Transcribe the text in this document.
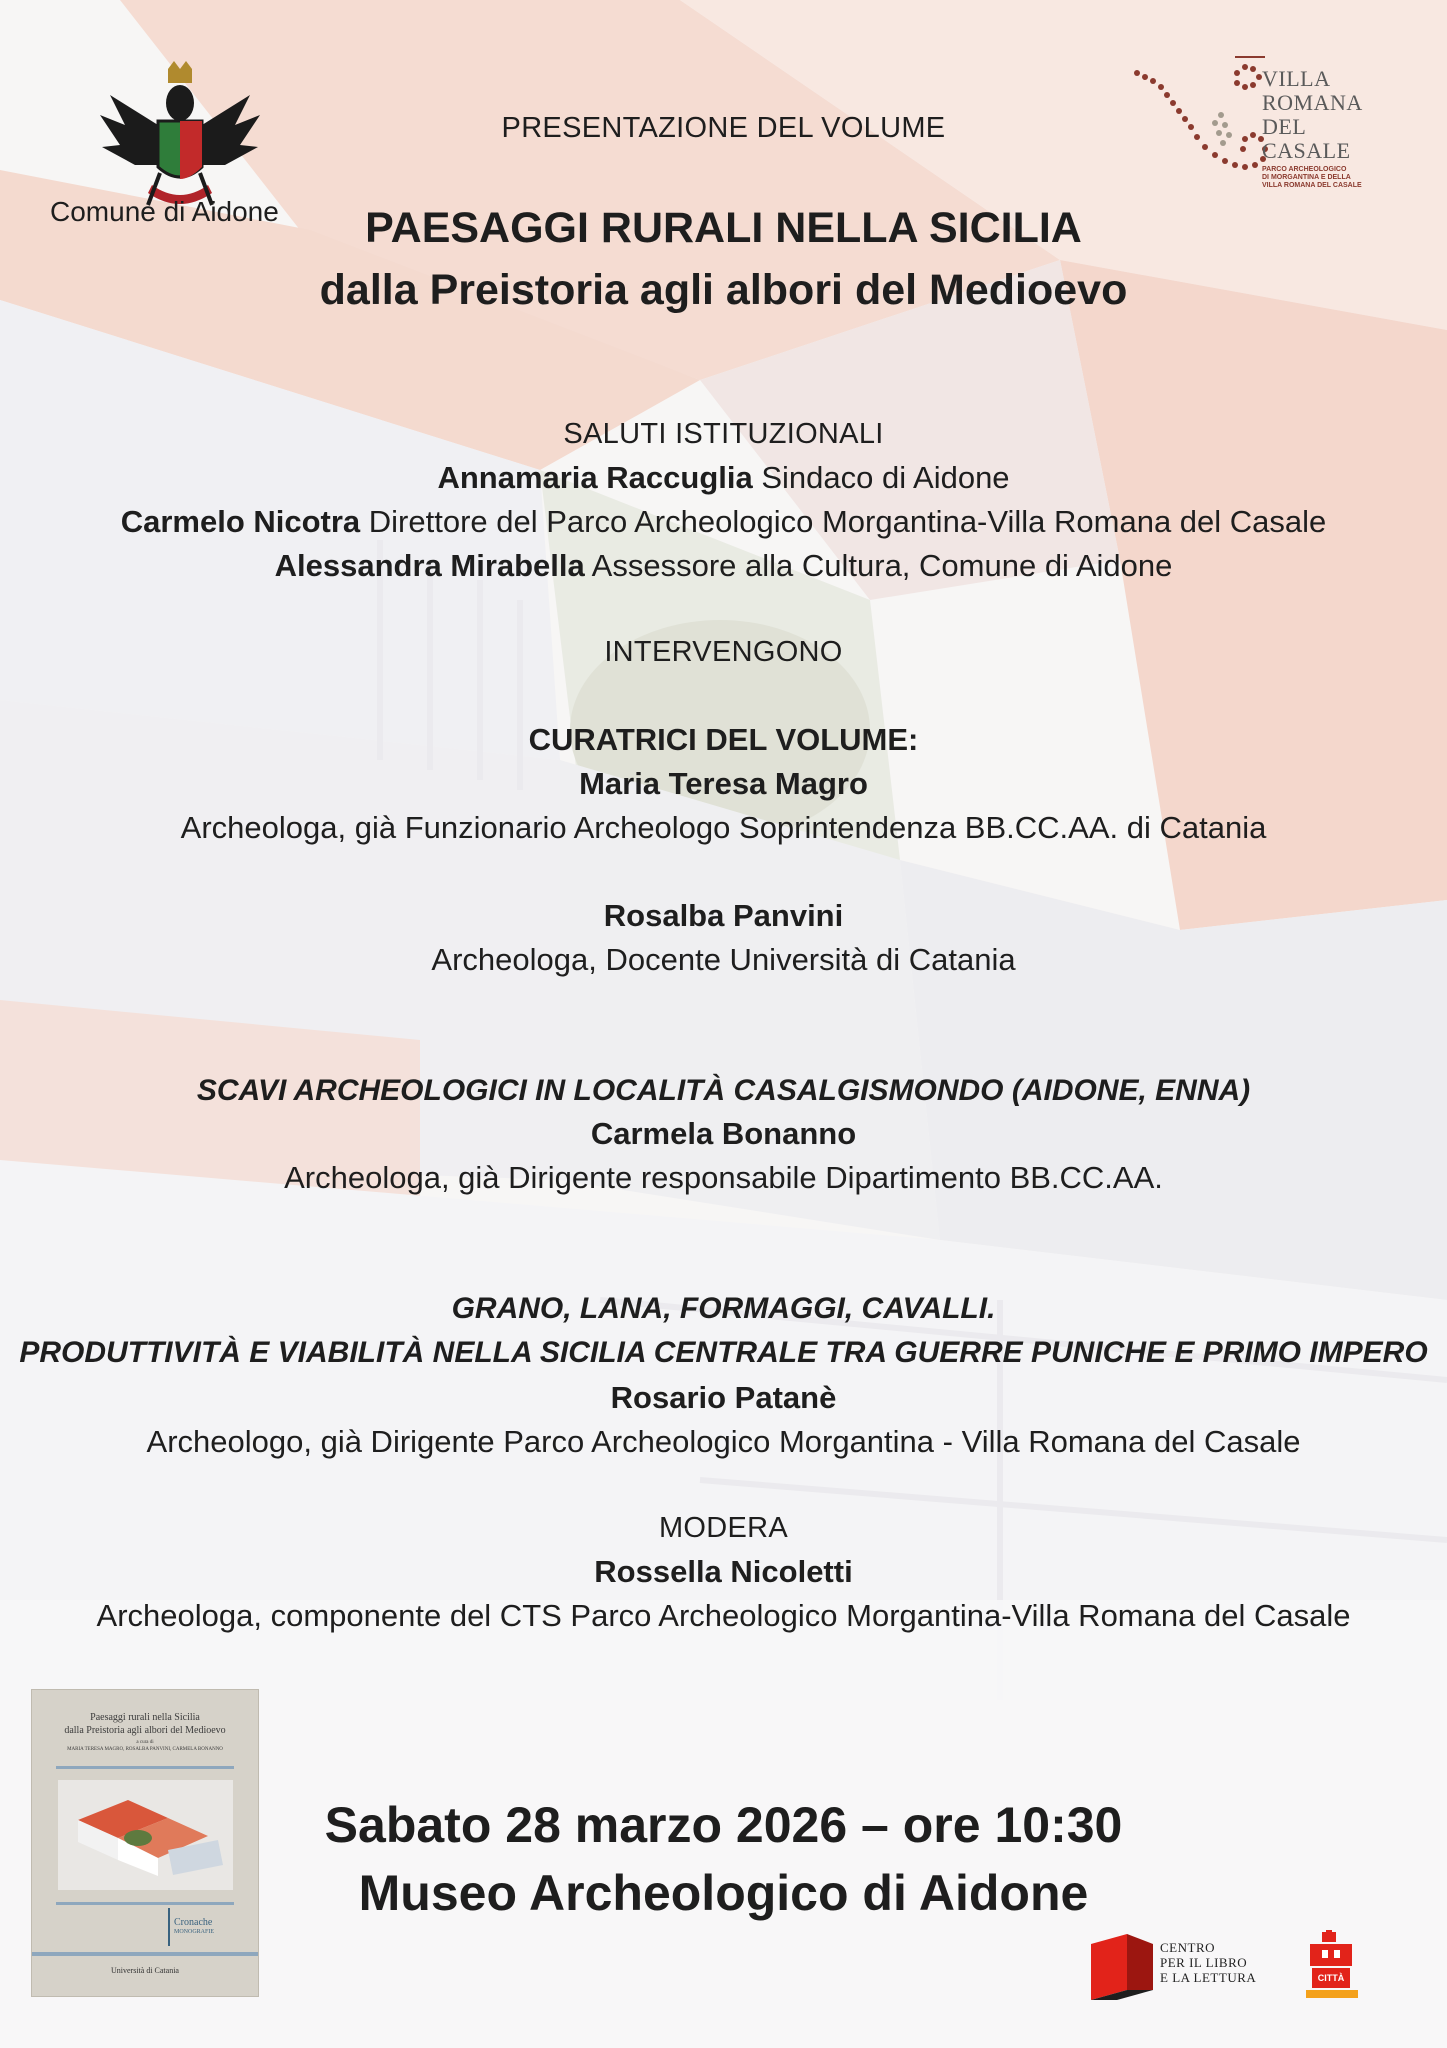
Comune di Aidone
VILLA
ROMANA
DEL
CASALE
PARCO ARCHEOLOGICO
DI MORGANTINA E DELLA
VILLA ROMANA DEL CASALE
PRESENTAZIONE DEL VOLUME
PAESAGGI RURALI NELLA SICILIA
dalla Preistoria agli albori del Medioevo
SALUTI ISTITUZIONALI
Annamaria Raccuglia Sindaco di Aidone
Carmelo Nicotra Direttore del Parco Archeologico Morgantina-Villa Romana del Casale
Alessandra Mirabella Assessore alla Cultura, Comune di Aidone
INTERVENGONO
CURATRICI DEL VOLUME:
Maria Teresa Magro
Archeologa, già Funzionario Archeologo Soprintendenza BB.CC.AA. di Catania
Rosalba Panvini
Archeologa, Docente Università di Catania
SCAVI ARCHEOLOGICI IN LOCALITÀ CASALGISMONDO (AIDONE, ENNA)
Carmela Bonanno
Archeologa, già Dirigente responsabile Dipartimento BB.CC.AA.
GRANO, LANA, FORMAGGI, CAVALLI.
PRODUTTIVITÀ E VIABILITÀ NELLA SICILIA CENTRALE TRA GUERRE PUNICHE E PRIMO IMPERO
Rosario Patanè
Archeologo, già Dirigente Parco Archeologico Morgantina - Villa Romana del Casale
MODERA
Rossella Nicoletti
Archeologa, componente del CTS Parco Archeologico Morgantina-Villa Romana del Casale
Sabato 28 marzo 2026 – ore 10:30
Museo Archeologico di Aidone
Paesaggi rurali nella Sicilia
dalla Preistoria agli albori del Medioevo
a cura di
MARIA TERESA MAGRO, ROSALBA PANVINI, CARMELA BONANNO
Cronache
MONOGRAFIE
Università di Catania
CENTRO
PER IL LIBRO
E LA LETTURA	CITTÀ
